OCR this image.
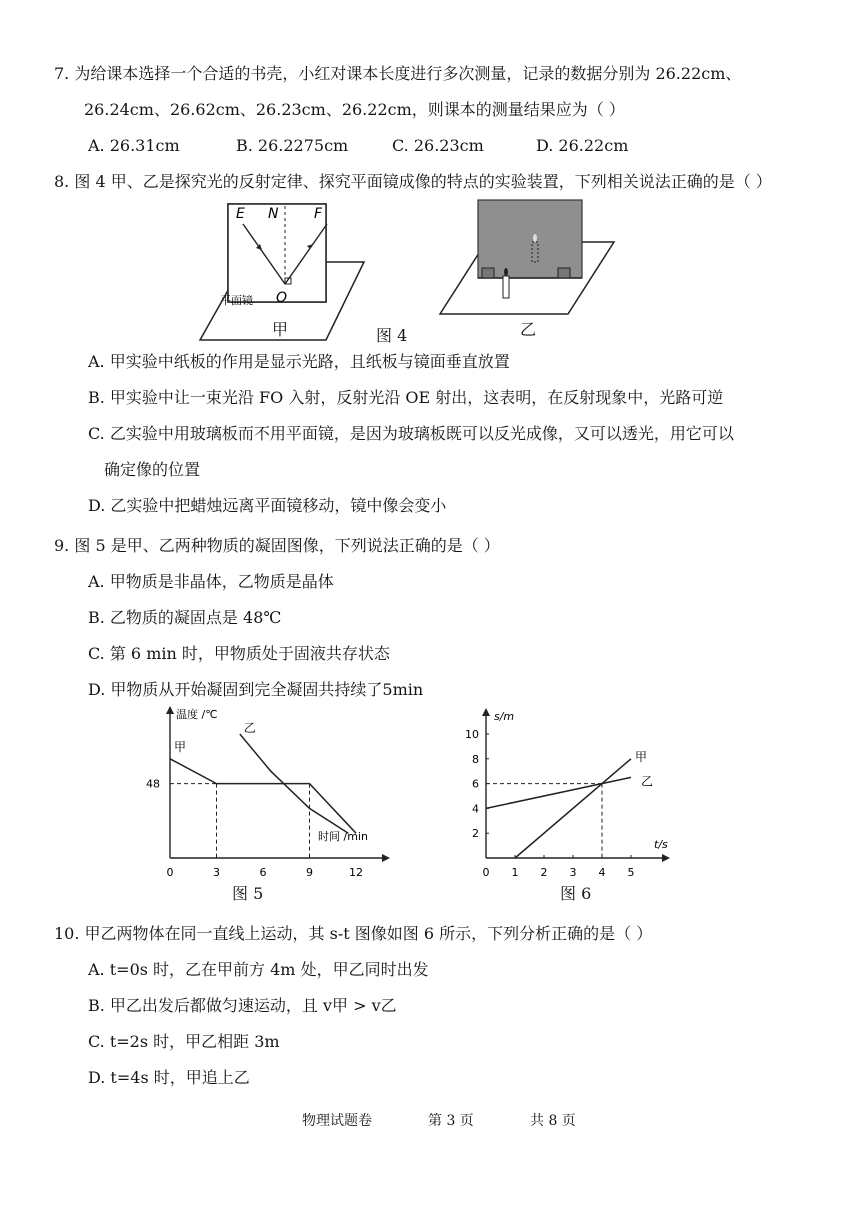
7. 为给课本选择一个合适的书壳，小红对课本长度进行多次测量，记录的数据分别为 26.22cm、
26.24cm、26.62cm、26.23cm、26.22cm，则课本的测量结果应为（ ）
A. 26.31cm	B. 26.2275cm	C. 26.23cm	D. 26.22cm
8. 图 4 甲、乙是探究光的反射定律、探究平面镜成像的特点的实验装置，下列相关说法正确的是（ ）
E N	F
O
平面镜
甲	图 4	乙
A. 甲实验中纸板的作用是显示光路，且纸板与镜面垂直放置
B. 甲实验中让一束光沿 FO 入射，反射光沿 OE 射出，这表明，在反射现象中，光路可逆
C. 乙实验中用玻璃板而不用平面镜，是因为玻璃板既可以反光成像，又可以透光，用它可以
确定像的位置
D. 乙实验中把蜡烛远离平面镜移动，镜中像会变小
9. 图 5 是甲、乙两种物质的凝固图像，下列说法正确的是（ ）
A. 甲物质是非晶体，乙物质是晶体
B. 乙物质的凝固点是 48℃
C. 第 6 min 时，甲物质处于固液共存状态
D. 甲物质从开始凝固到完全凝固共持续了5min
温度 /℃
时间 /min
0	3	6	9	12
48
甲
乙
图 5
s/m
t/s
0 1 2 3 4 5
2
4
6
8
10
甲
乙
图 6
10. 甲乙两物体在同一直线上运动，其 s-t 图像如图 6 所示，下列分析正确的是（ ）
A. t=0s 时，乙在甲前方 4m 处，甲乙同时出发
B. 甲乙出发后都做匀速运动，且 v甲 > v乙
C. t=2s 时，甲乙相距 3m
D. t=4s 时，甲追上乙
物理试题卷	第 3 页	共 8 页
